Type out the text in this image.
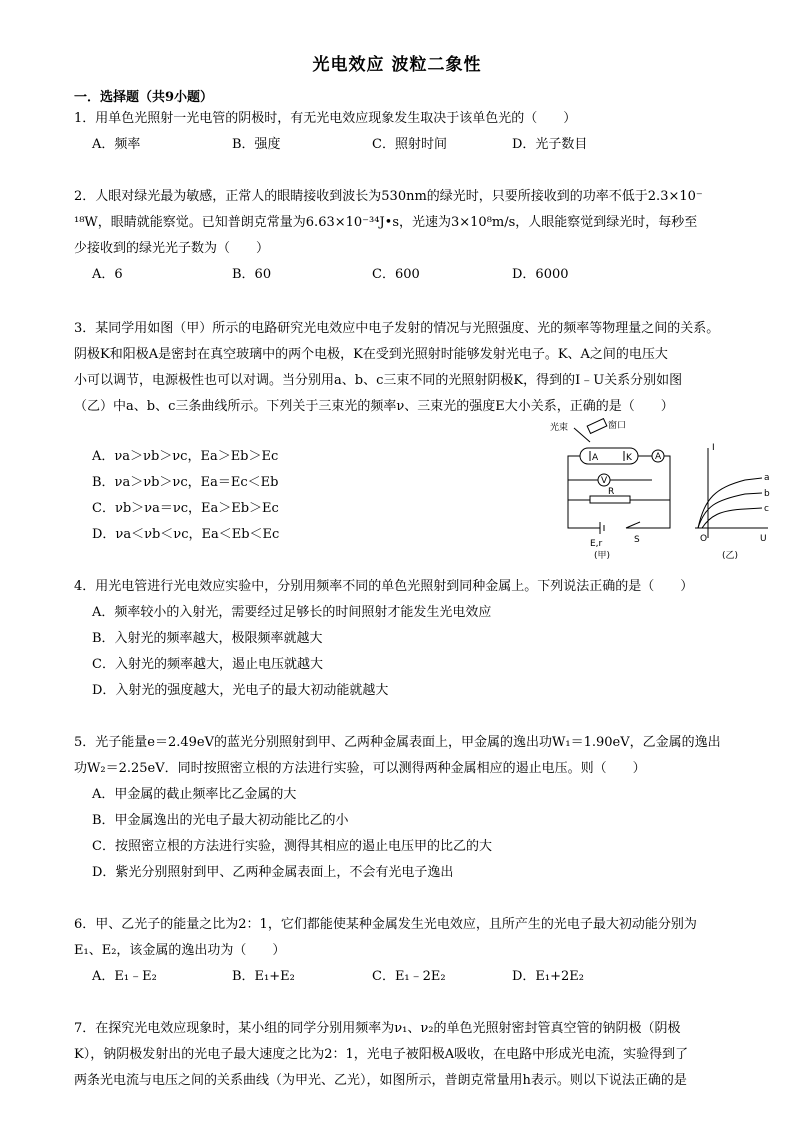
光电效应 波粒二象性
一．选择题（共9小题）
1．用单色光照射一光电管的阴极时，有无光电效应现象发生取决于该单色光的（　　）
A．频率	B．强度	C．照射时间	D．光子数目
2．人眼对绿光最为敏感，正常人的眼睛接收到波长为530nm的绿光时，只要所接收到的功率不低于2.3×10⁻
¹⁸W，眼睛就能察觉。已知普朗克常量为6.63×10⁻³⁴J•s，光速为3×10⁸m/s，人眼能察觉到绿光时，每秒至
少接收到的绿光光子数为（　　）
A．6	B．60	C．600	D．6000
3．某同学用如图（甲）所示的电路研究光电效应中电子发射的情况与光照强度、光的频率等物理量之间的关系。
阴极K和阳极A是密封在真空玻璃中的两个电极，K在受到光照射时能够发射光电子。K、A之间的电压大
小可以调节，电源极性也可以对调。当分别用a、b、c三束不同的光照射阴极K，得到的I﹣U关系分别如图
（乙）中a、b、c三条曲线所示。下列关于三束光的频率ν、三束光的强度E大小关系，正确的是（　　）
A．νa＞νb＞νc，Ea＞Eb＞Ec
B．νa＞νb＞νc，Ea＝Ec＜Eb
C．νb＞νa＝νc，Ea＞Eb＞Ec
D．νa＜νb＜νc，Ea＜Eb＜Ec
光束	窗口
A	K	A
V
R
S
E,r
(甲)	(乙)
I
U
O
a
b
c
4．用光电管进行光电效应实验中，分别用频率不同的单色光照射到同种金属上。下列说法正确的是（　　）
A．频率较小的入射光，需要经过足够长的时间照射才能发生光电效应
B．入射光的频率越大，极限频率就越大
C．入射光的频率越大，遏止电压就越大
D．入射光的强度越大，光电子的最大初动能就越大
5．光子能量e＝2.49eV的蓝光分别照射到甲、乙两种金属表面上，甲金属的逸出功W₁＝1.90eV，乙金属的逸出
功W₂＝2.25eV．同时按照密立根的方法进行实验，可以测得两种金属相应的遏止电压。则（　　）
A．甲金属的截止频率比乙金属的大
B．甲金属逸出的光电子最大初动能比乙的小
C．按照密立根的方法进行实验，测得其相应的遏止电压甲的比乙的大
D．紫光分别照射到甲、乙两种金属表面上，不会有光电子逸出
6．甲、乙光子的能量之比为2：1，它们都能使某种金属发生光电效应，且所产生的光电子最大初动能分别为
E₁、E₂，该金属的逸出功为（　　）
A．E₁﹣E₂	B．E₁+E₂	C．E₁﹣2E₂	D．E₁+2E₂
7．在探究光电效应现象时，某小组的同学分别用频率为ν₁、ν₂的单色光照射密封管真空管的钠阴极（阴极
K），钠阴极发射出的光电子最大速度之比为2：1，光电子被阳极A吸收，在电路中形成光电流，实验得到了
两条光电流与电压之间的关系曲线（为甲光、乙光），如图所示，普朗克常量用h表示。则以下说法正确的是
